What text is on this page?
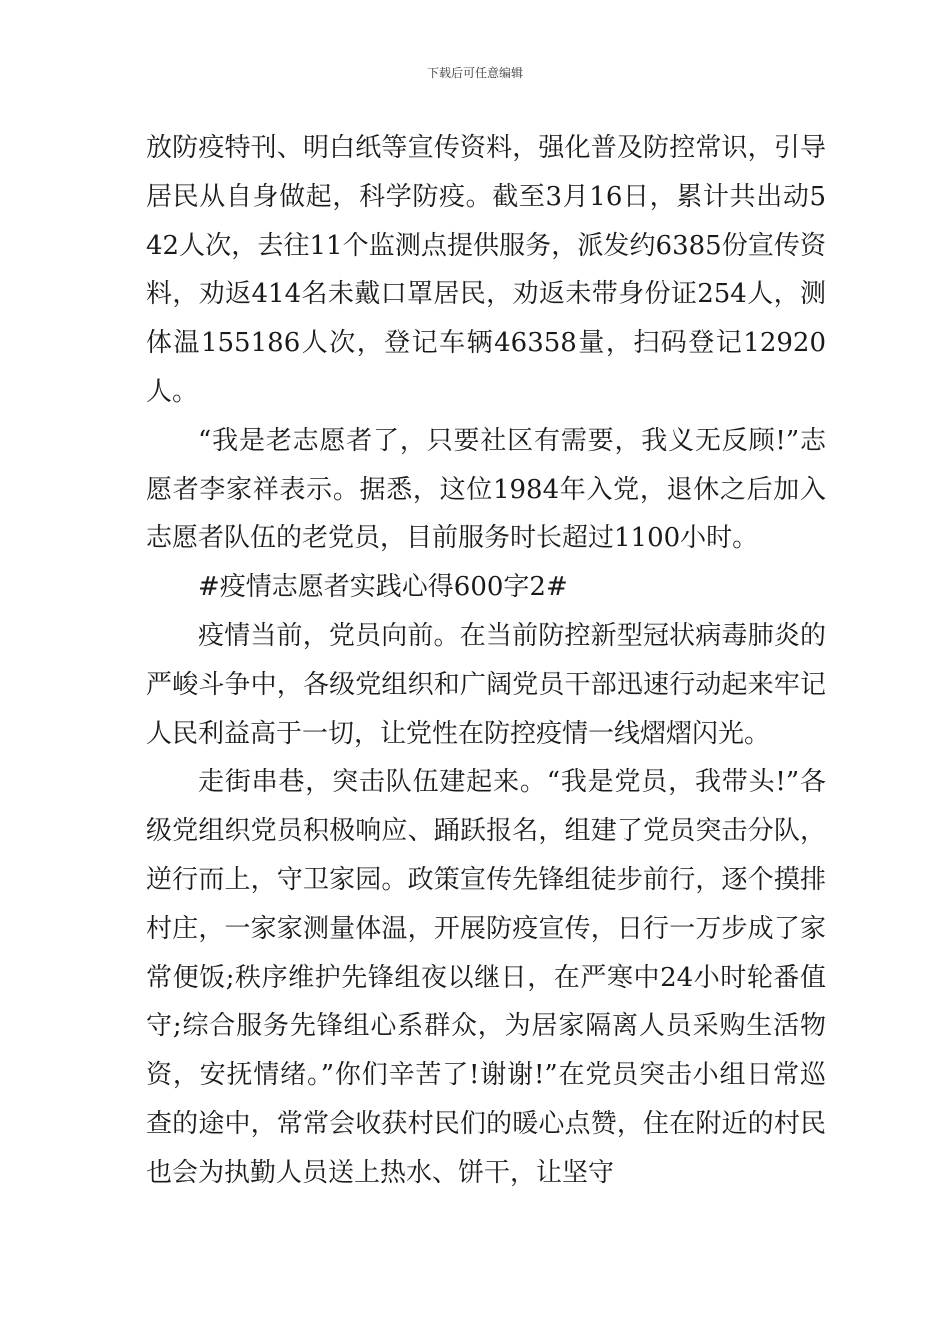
下载后可任意编辑

放防疫特刊、明白纸等宣传资料，强化普及防控常识，引导居民从自身做起，科学防疫。截至3月16日，累计共出动542人次，去往11个监测点提供服务，派发约6385份宣传资料，劝返414名未戴口罩居民，劝返未带身份证254人，测体温155186人次，登记车辆46358量，扫码登记12920人。

“我是老志愿者了，只要社区有需要，我义无反顾!”志愿者李家祥表示。据悉，这位1984年入党，退休之后加入志愿者队伍的老党员，目前服务时长超过1100小时。

#疫情志愿者实践心得600字2#

疫情当前，党员向前。在当前防控新型冠状病毒肺炎的严峻斗争中，各级党组织和广阔党员干部迅速行动起来牢记人民利益高于一切，让党性在防控疫情一线熠熠闪光。

走街串巷，突击队伍建起来。“我是党员，我带头!”各级党组织党员积极响应、踊跃报名，组建了党员突击分队，逆行而上，守卫家园。政策宣传先锋组徒步前行，逐个摸排村庄，一家家测量体温，开展防疫宣传，日行一万步成了家常便饭;秩序维护先锋组夜以继日，在严寒中24小时轮番值守;综合服务先锋组心系群众，为居家隔离人员采购生活物资，安抚情绪。”你们辛苦了!谢谢!”在党员突击小组日常巡查的途中，常常会收获村民们的暖心点赞，住在附近的村民也会为执勤人员送上热水、饼干，让坚守
